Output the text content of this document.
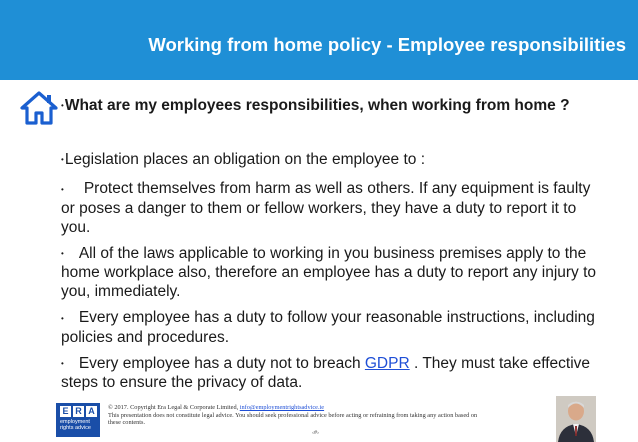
Working from home policy - Employee responsibilities
•What are my employees responsibilities, when working from home ?

•Legislation places an obligation on the employee to :

• Protect themselves from harm as well as others. If any equipment is faulty or poses a danger to them or fellow workers, they have a duty to report it to you.

• All of the laws applicable to working in you business premises apply to the home workplace also, therefore an employee has a duty to report any injury to you, immediately.

• Every employee has a duty to follow your reasonable instructions, including policies and procedures.

• Every employee has a duty not to breach GDPR . They must take effective steps to ensure the privacy of data.

E R A
employment
rights advice
© 2017. Copyright Era Legal & Corporate Limited, info@employmentrightsadvice.ie
This presentation does not constitute legal advice. You should seek professional advice before acting or refraining from taking any action based on these contents.
‹#›
